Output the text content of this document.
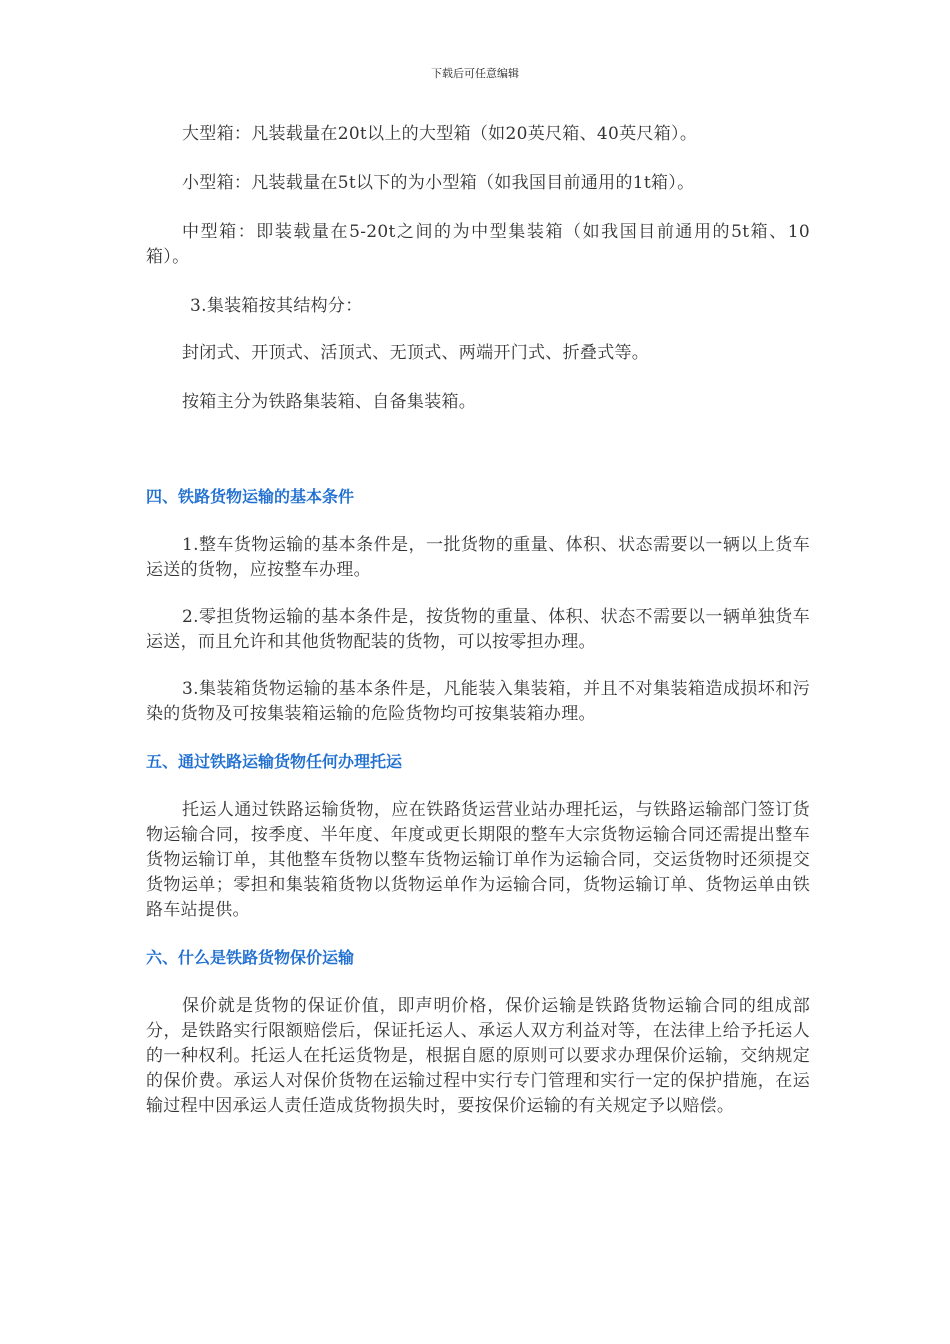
下载后可任意编辑

大型箱：凡装载量在20t以上的大型箱（如20英尺箱、40英尺箱）。

小型箱：凡装载量在5t以下的为小型箱（如我国目前通用的1t箱）。

中型箱：即装载量在5-20t之间的为中型集装箱（如我国目前通用的5t箱、10箱）。

3.集装箱按其结构分：

封闭式、开顶式、活顶式、无顶式、两端开门式、折叠式等。

按箱主分为铁路集装箱、自备集装箱。

四、铁路货物运输的基本条件

1.整车货物运输的基本条件是，一批货物的重量、体积、状态需要以一辆以上货车运送的货物，应按整车办理。

2.零担货物运输的基本条件是，按货物的重量、体积、状态不需要以一辆单独货车运送，而且允许和其他货物配装的货物，可以按零担办理。

3.集装箱货物运输的基本条件是，凡能装入集装箱，并且不对集装箱造成损坏和污染的货物及可按集装箱运输的危险货物均可按集装箱办理。

五、通过铁路运输货物任何办理托运

托运人通过铁路运输货物，应在铁路货运营业站办理托运，与铁路运输部门签订货物运输合同，按季度、半年度、年度或更长期限的整车大宗货物运输合同还需提出整车货物运输订单，其他整车货物以整车货物运输订单作为运输合同，交运货物时还须提交货物运单；零担和集装箱货物以货物运单作为运输合同，货物运输订单、货物运单由铁路车站提供。

六、什么是铁路货物保价运输

保价就是货物的保证价值，即声明价格，保价运输是铁路货物运输合同的组成部分，是铁路实行限额赔偿后，保证托运人、承运人双方利益对等，在法律上给予托运人的一种权利。托运人在托运货物是，根据自愿的原则可以要求办理保价运输，交纳规定的保价费。承运人对保价货物在运输过程中实行专门管理和实行一定的保护措施，在运输过程中因承运人责任造成货物损失时，要按保价运输的有关规定予以赔偿。
